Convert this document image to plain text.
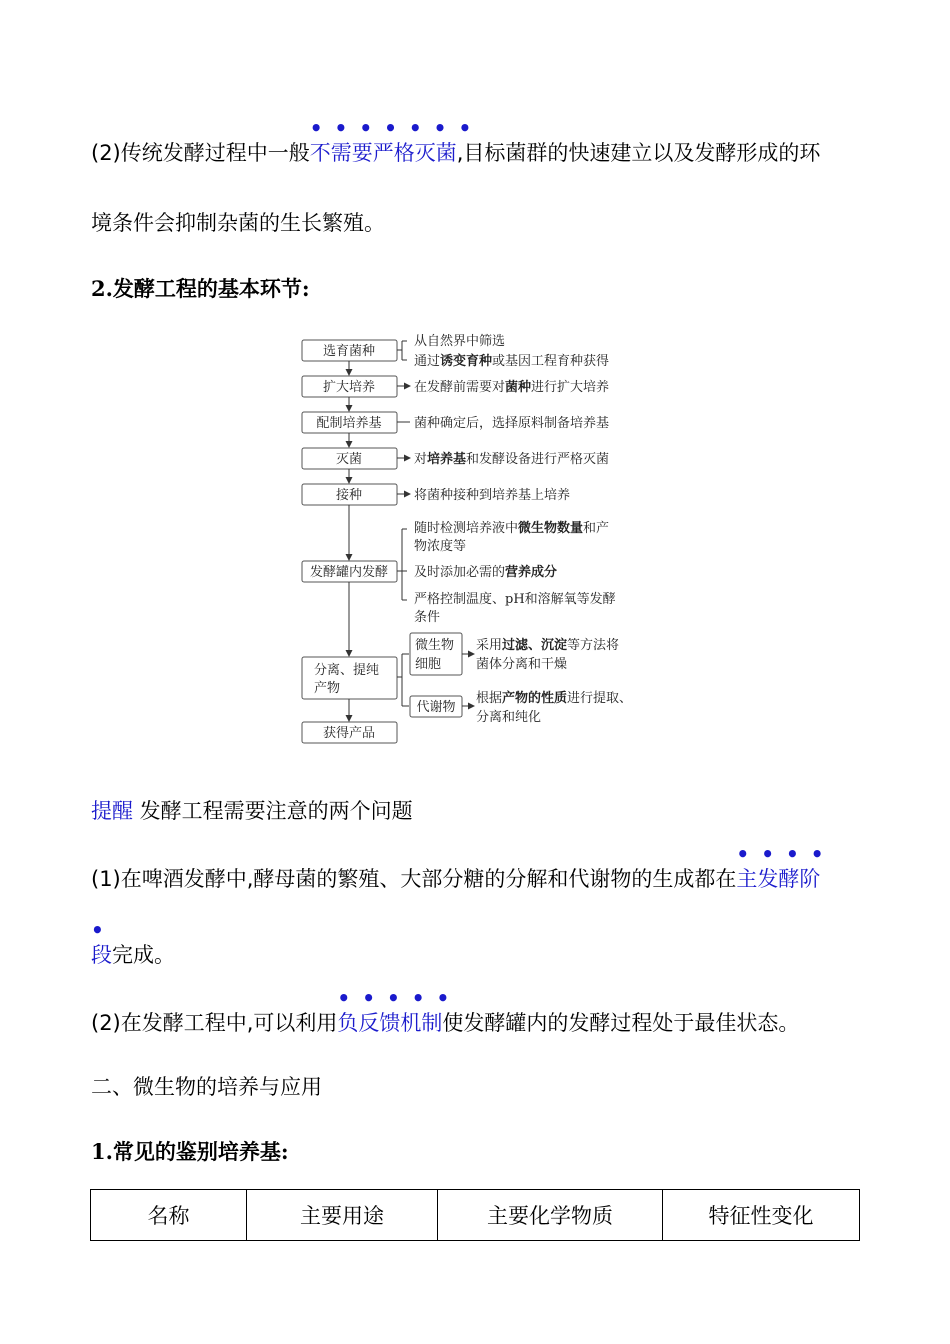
(2)传统发酵过程中一般
•••••••
不需要严格灭菌,目标菌群的快速建立以及发酵形成的环
境条件会抑制杂菌的生长繁殖。
2.发酵工程的基本环节:
选育菌种
扩大培养
配制培养基
灭菌
接种
发酵罐内发酵
分离、提纯
产物
获得产品
从自然界中筛选
通过诱变育种或基因工程育种获得
在发酵前需要对菌种进行扩大培养
菌种确定后，选择原料制备培养基
对培养基和发酵设备进行严格灭菌
将菌种接种到培养基上培养
随时检测培养液中微生物数量和产
物浓度等
及时添加必需的营养成分
严格控制温度、pH和溶解氧等发酵
条件
微生物
细胞
代谢物
采用过滤、沉淀等方法将
菌体分离和干燥
根据产物的性质进行提取、
分离和纯化
提醒 发酵工程需要注意的两个问题
(1)在啤酒发酵中,酵母菌的繁殖、大部分糖的分解和代谢物的生成都在
••••
主发酵阶
•
段完成。
(2)在发酵工程中,可以利用
•••••
负反馈机制使发酵罐内的发酵过程处于最佳状态。
二、微生物的培养与应用
1.常见的鉴别培养基:
名称	主要用途	主要化学物质	特征性变化
